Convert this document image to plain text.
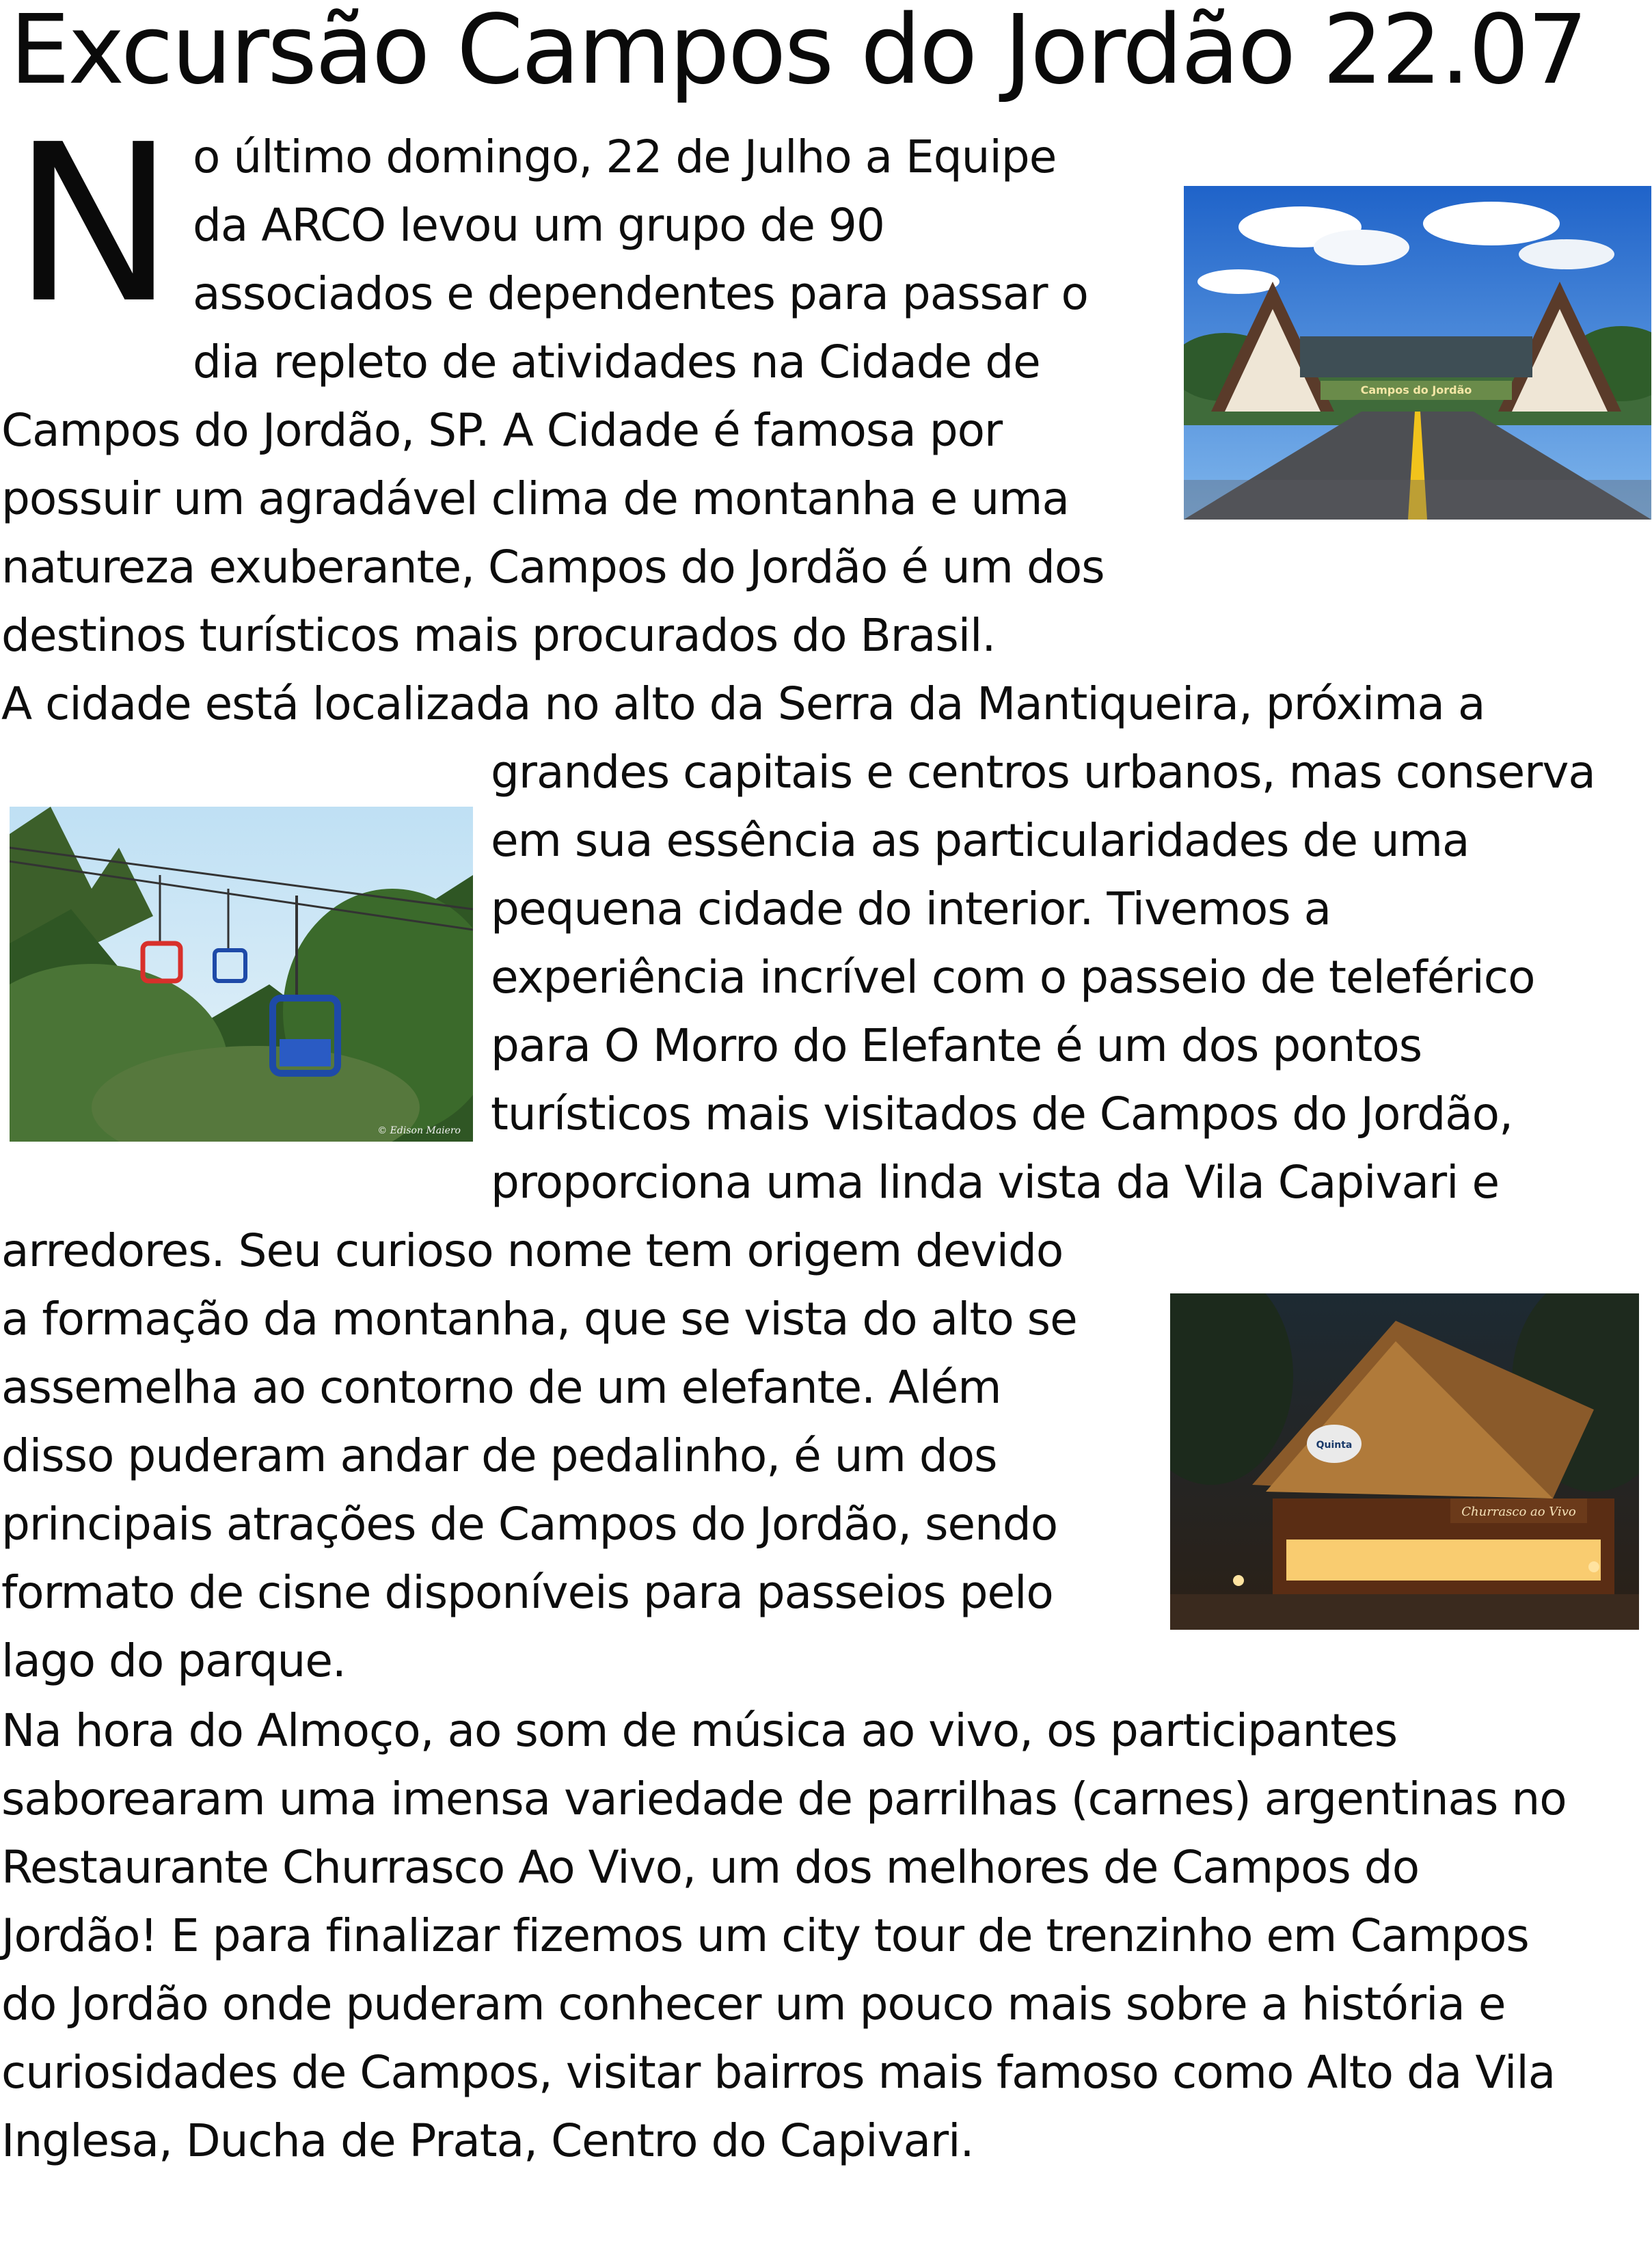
Excursão Campos do Jordão 22.07
N o último domingo, 22 de Julho a Equipe
da ARCO levou um grupo de 90
associados e dependentes para passar o
dia repleto de atividades na Cidade de
Campos do Jordão, SP. A Cidade é famosa por
possuir um agradável clima de montanha e uma
natureza exuberante, Campos do Jordão é um dos
destinos turísticos mais procurados do Brasil.
A cidade está localizada no alto da Serra da Mantiqueira, próxima a
grandes capitais e centros urbanos, mas conserva
em sua essência as particularidades de uma
pequena cidade do interior. Tivemos a
experiência incrível com o passeio de teleférico
para O Morro do Elefante é um dos pontos
turísticos mais visitados de Campos do Jordão,
proporciona uma linda vista da Vila Capivari e
arredores. Seu curioso nome tem origem devido
a formação da montanha, que se vista do alto se
assemelha ao contorno de um elefante. Além
disso puderam andar de pedalinho, é um dos
principais atrações de Campos do Jordão, sendo
formato de cisne disponíveis para passeios pelo
lago do parque.
Na hora do Almoço, ao som de música ao vivo, os participantes
saborearam uma imensa variedade de parrilhas (carnes) argentinas no
Restaurante Churrasco Ao Vivo, um dos melhores de Campos do
Jordão! E para finalizar fizemos um city tour de trenzinho em Campos
do Jordão onde puderam conhecer um pouco mais sobre a história e
curiosidades de Campos, visitar bairros mais famoso como Alto da Vila
Inglesa, Ducha de Prata, Centro do Capivari.
Campos do Jordão
© Edison Maiero
Churrasco ao Vivo
Quinta
